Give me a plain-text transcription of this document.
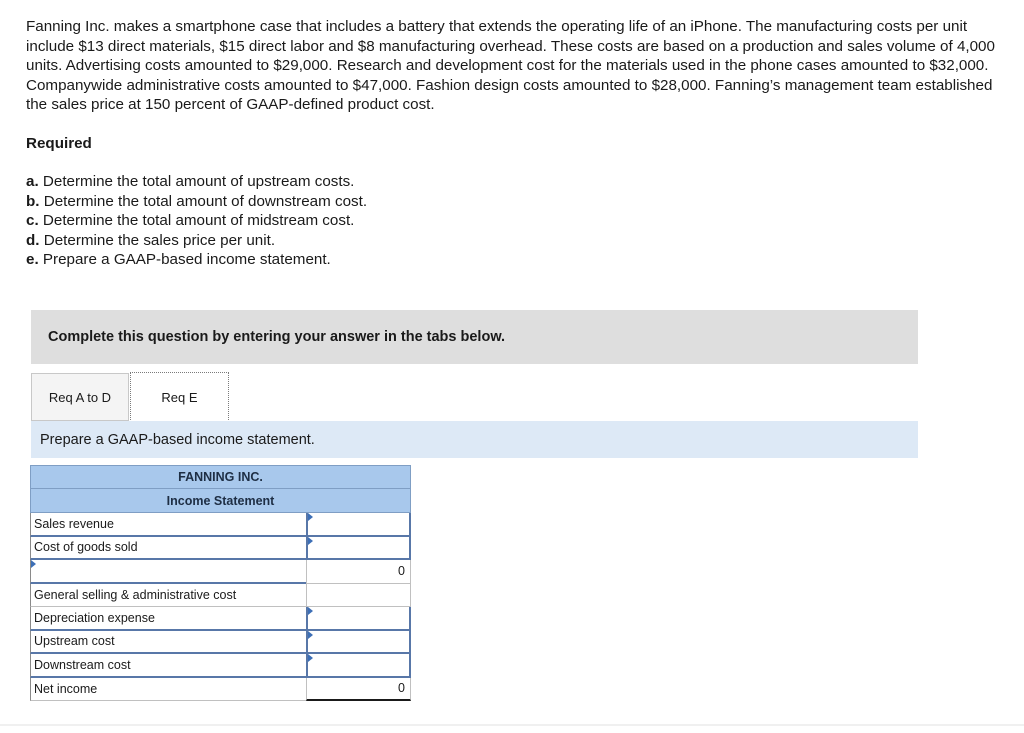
Fanning Inc. makes a smartphone case that includes a battery that extends the operating life of an iPhone. The manufacturing costs per unit include $13 direct materials, $15 direct labor and $8 manufacturing overhead. These costs are based on a production and sales volume of 4,000 units. Advertising costs amounted to $29,000. Research and development cost for the materials used in the phone cases amounted to $32,000. Companywide administrative costs amounted to $47,000. Fashion design costs amounted to $28,000. Fanning’s management team established the sales price at 150 percent of GAAP-defined product cost.

Required
a. Determine the total amount of upstream costs.
b. Determine the total amount of downstream cost.
c. Determine the total amount of midstream cost.
d. Determine the sales price per unit.
e. Prepare a GAAP-based income statement.
Complete this question by entering your answer in the tabs below.
Req A to D	Req E
Prepare a GAAP-based income statement.
FANNING INC.
Income Statement
Sales revenue
Cost of goods sold
0
General selling & administrative cost
Depreciation expense
Upstream cost
Downstream cost
Net income	0
